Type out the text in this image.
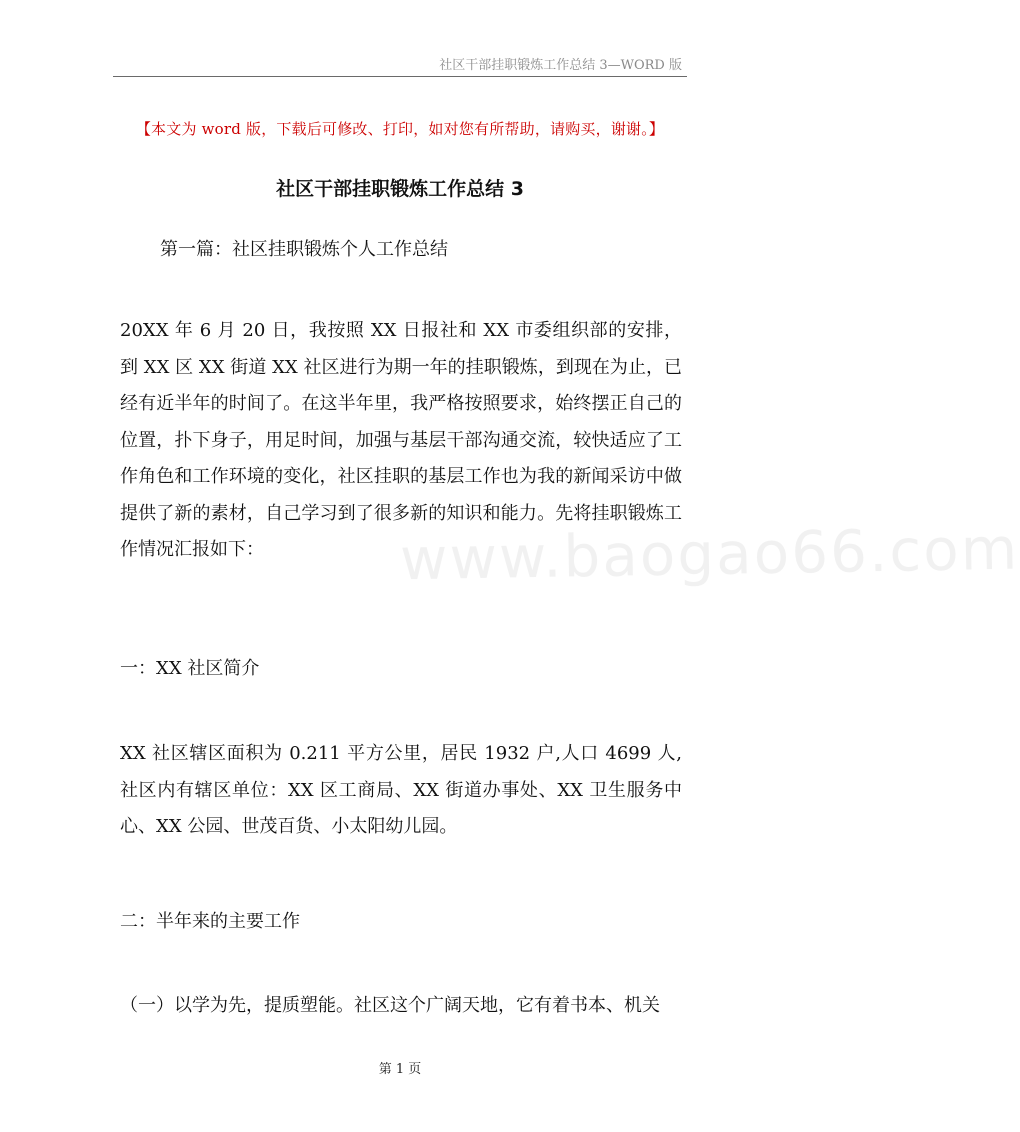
社区干部挂职锻炼工作总结 3—WORD 版
【本文为 word 版，下载后可修改、打印，如对您有所帮助，请购买，谢谢。】
社区干部挂职锻炼工作总结 3
第一篇：社区挂职锻炼个人工作总结
20XX 年 6 月 20 日，我按照 XX 日报社和 XX 市委组织部的安排，到 XX 区 XX 街道 XX 社区进行为期一年的挂职锻炼，到现在为止，已经有近半年的时间了。在这半年里，我严格按照要求，始终摆正自己的位置，扑下身子，用足时间，加强与基层干部沟通交流，较快适应了工作角色和工作环境的变化，社区挂职的基层工作也为我的新闻采访中做提供了新的素材，自己学习到了很多新的知识和能力。先将挂职锻炼工作情况汇报如下：
一：XX 社区简介
XX 社区辖区面积为 0.211 平方公里，居民 1932 户,人口 4699 人,社区内有辖区单位：XX 区工商局、XX 街道办事处、XX 卫生服务中心、XX 公园、世茂百货、小太阳幼儿园。
二：半年来的主要工作
（一）以学为先，提质塑能。社区这个广阔天地，它有着书本、机关
www.baogao66.com
第 1 页
